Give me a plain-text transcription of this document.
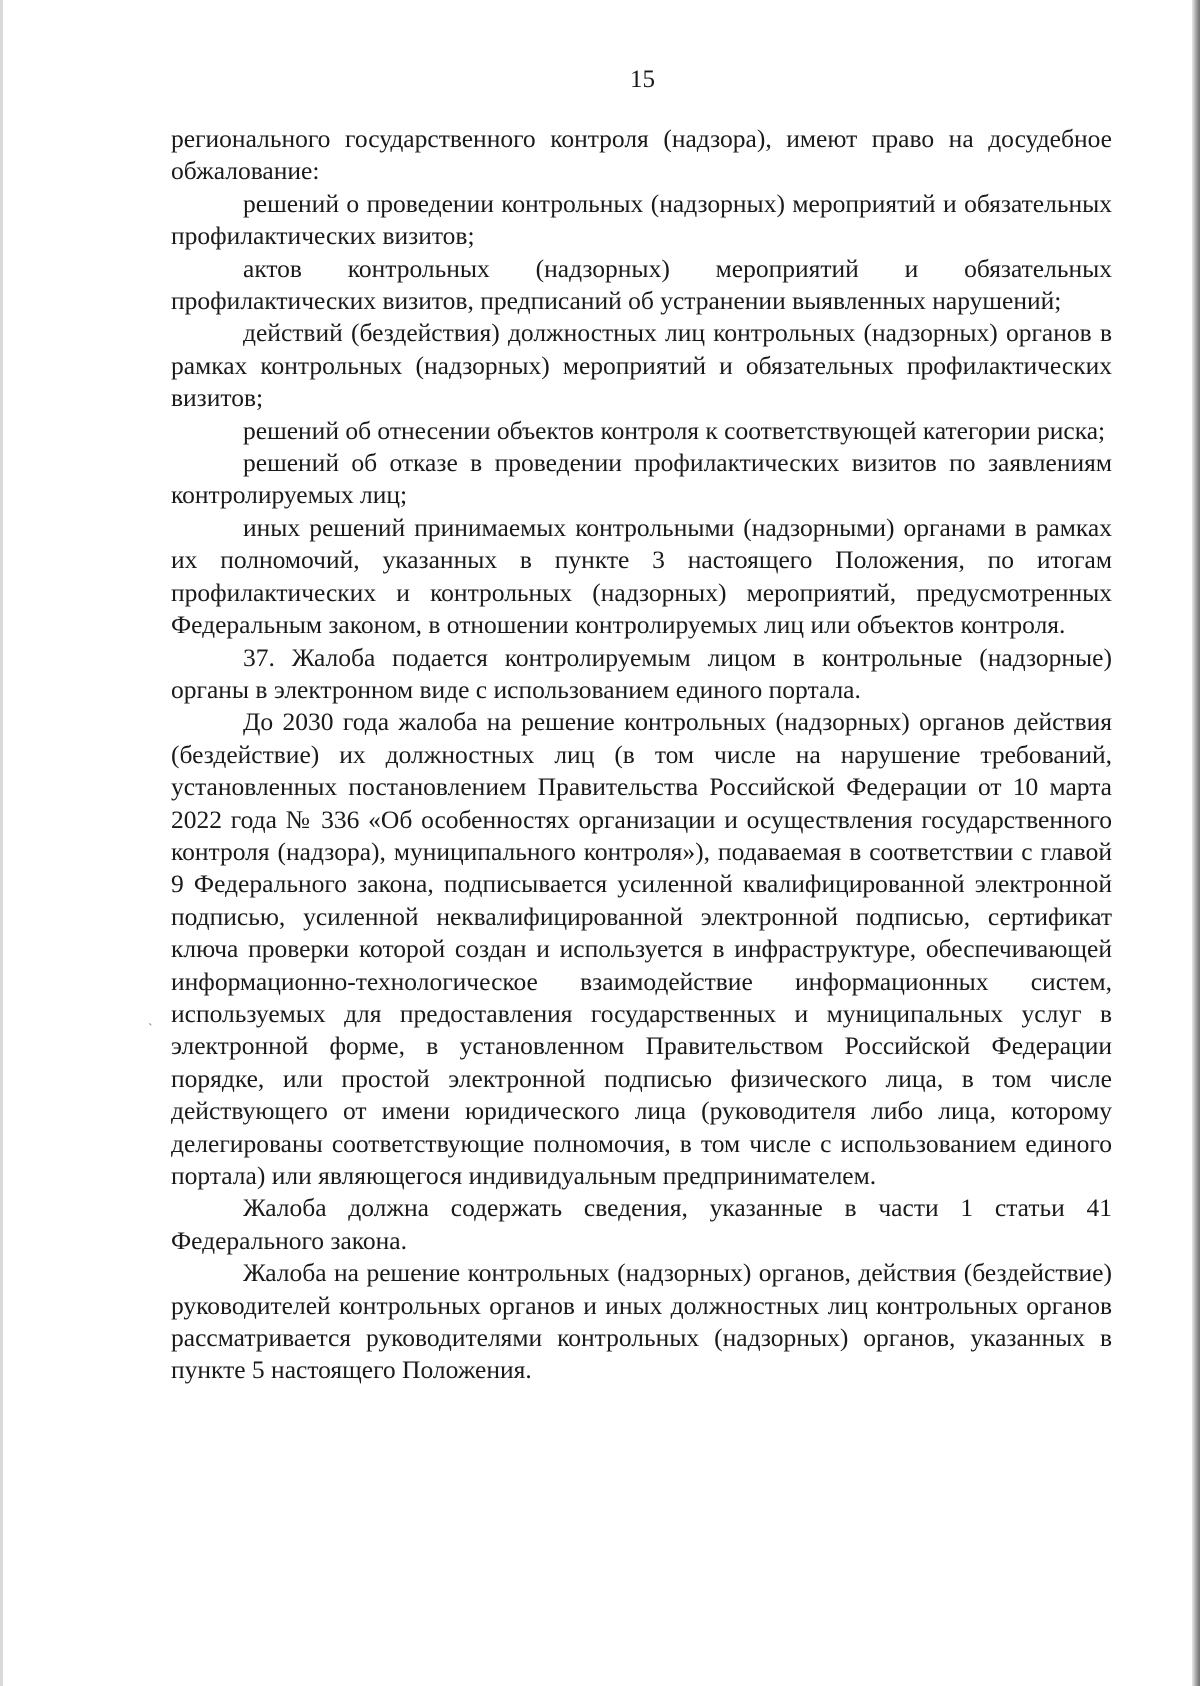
15
`

регионального государственного контроля (надзора), имеют право на досудебное обжалование:

решений о проведении контрольных (надзорных) мероприятий и обязательных профилактических визитов;

актов контрольных (надзорных) мероприятий и обязательных профилактических визитов, предписаний об устранении выявленных нарушений;

действий (бездействия) должностных лиц контрольных (надзорных) органов в рамках контрольных (надзорных) мероприятий и обязательных профилактических визитов;

решений об отнесении объектов контроля к соответствующей категории риска;

решений об отказе в проведении профилактических визитов по заявлениям контролируемых лиц;

иных решений принимаемых контрольными (надзорными) органами в рамках их полномочий, указанных в пункте 3 настоящего Положения, по итогам профилактических и контрольных (надзорных) мероприятий, предусмотренных Федеральным законом, в отношении контролируемых лиц или объектов контроля.

37. Жалоба подается контролируемым лицом в контрольные (надзорные) органы в электронном виде с использованием единого портала.

До 2030 года жалоба на решение контрольных (надзорных) органов действия (бездействие) их должностных лиц (в том числе на нарушение требований, установленных постановлением Правительства Российской Федерации от 10 марта 2022 года № 336 «Об особенностях организации и осуществления государственного контроля (надзора), муниципального контроля»), подаваемая в соответствии с главой 9 Федерального закона, подписывается усиленной квалифицированной электронной подписью, усиленной неквалифицированной электронной подписью, сертификат ключа проверки которой создан и используется в инфраструктуре, обеспечивающей информационно-технологическое взаимодействие информационных систем, используемых для предоставления государственных и муниципальных услуг в электронной форме, в установленном Правительством Российской Федерации порядке, или простой электронной подписью физического лица, в том числе действующего от имени юридического лица (руководителя либо лица, которому делегированы соответствующие полномочия, в том числе с использованием единого портала) или являющегося индивидуальным предпринимателем.

Жалоба должна содержать сведения, указанные в части 1 статьи 41 Федерального закона.

Жалоба на решение контрольных (надзорных) органов, действия (бездействие) руководителей контрольных органов и иных должностных лиц контрольных органов рассматривается руководителями контрольных (надзорных) органов, указанных в пункте 5 настоящего Положения.
